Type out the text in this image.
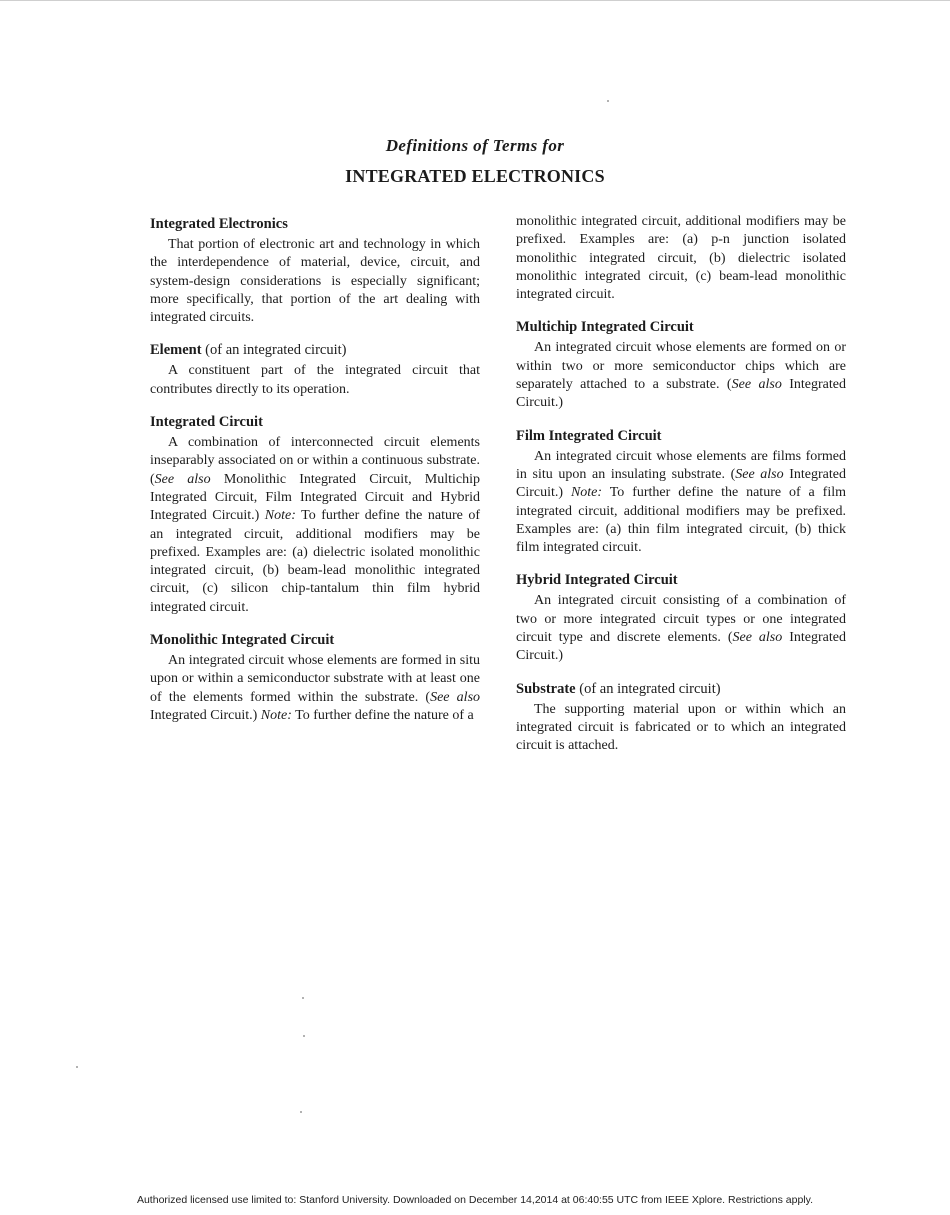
Definitions of Terms for
INTEGRATED ELECTRONICS
Integrated Electronics

That portion of electronic art and technology in which the interdependence of material, device, circuit, and system-design considerations is especially significant; more specifically, that portion of the art dealing with integrated circuits.

Element (of an integrated circuit)

A constituent part of the integrated circuit that contributes directly to its operation.

Integrated Circuit

A combination of interconnected circuit elements inseparably associated on or within a continuous substrate. (See also Monolithic Integrated Circuit, Multichip Integrated Circuit, Film Integrated Circuit and Hybrid Integrated Circuit.) Note: To further define the nature of an integrated circuit, additional modifiers may be prefixed. Examples are: (a) dielectric isolated monolithic integrated circuit, (b) beam-lead monolithic integrated circuit, (c) silicon chip-tantalum thin film hybrid integrated circuit.

Monolithic Integrated Circuit

An integrated circuit whose elements are formed in situ upon or within a semiconductor substrate with at least one of the elements formed within the substrate. (See also Integrated Circuit.) Note: To further define the nature of a

monolithic integrated circuit, additional modifiers may be prefixed. Examples are: (a) p-n junction isolated monolithic integrated circuit, (b) dielectric isolated monolithic integrated circuit, (c) beam-lead monolithic integrated circuit.

Multichip Integrated Circuit

An integrated circuit whose elements are formed on or within two or more semiconductor chips which are separately attached to a substrate. (See also Integrated Circuit.)

Film Integrated Circuit

An integrated circuit whose elements are films formed in situ upon an insulating substrate. (See also Integrated Circuit.) Note: To further define the nature of a film integrated circuit, additional modifiers may be prefixed. Examples are: (a) thin film integrated circuit, (b) thick film integrated circuit.

Hybrid Integrated Circuit

An integrated circuit consisting of a combination of two or more integrated circuit types or one integrated circuit type and discrete elements. (See also Integrated Circuit.)

Substrate (of an integrated circuit)

The supporting material upon or within which an integrated circuit is fabricated or to which an integrated circuit is attached.

Authorized licensed use limited to: Stanford University. Downloaded on December 14,2014 at 06:40:55 UTC from IEEE Xplore. Restrictions apply.
